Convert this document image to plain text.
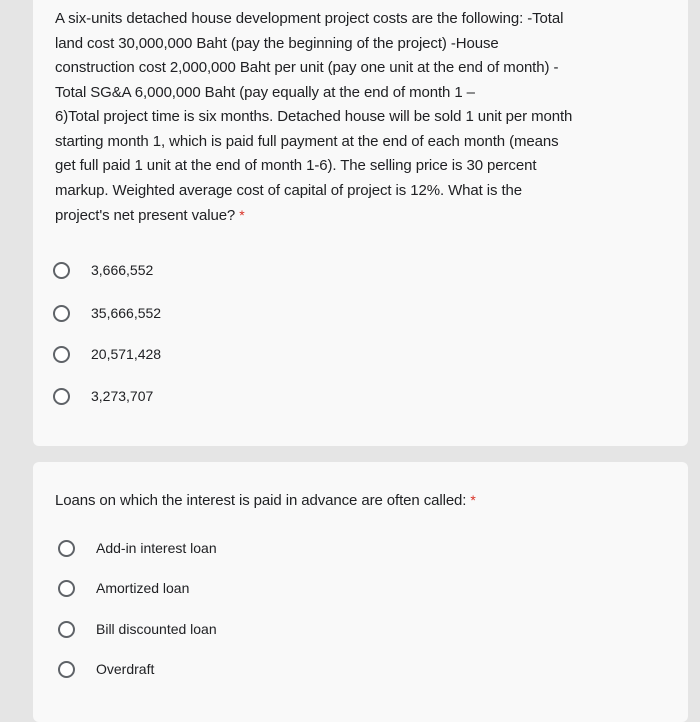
A six-units detached house development project costs are the following: -Total
land cost 30,000,000 Baht (pay the beginning of the project) -House
construction cost 2,000,000 Baht per unit (pay one unit at the end of month) -
Total SG&A 6,000,000 Baht (pay equally at the end of month 1 –
6)Total project time is six months. Detached house will be sold 1 unit per month
starting month 1, which is paid full payment at the end of each month (means
get full paid 1 unit at the end of month 1-6). The selling price is 30 percent
markup. Weighted average cost of capital of project is 12%. What is the
project's net present value? *
3,666,552
35,666,552
20,571,428
3,273,707
Loans on which the interest is paid in advance are often called: *
Add-in interest loan
Amortized loan
Bill discounted loan
Overdraft
